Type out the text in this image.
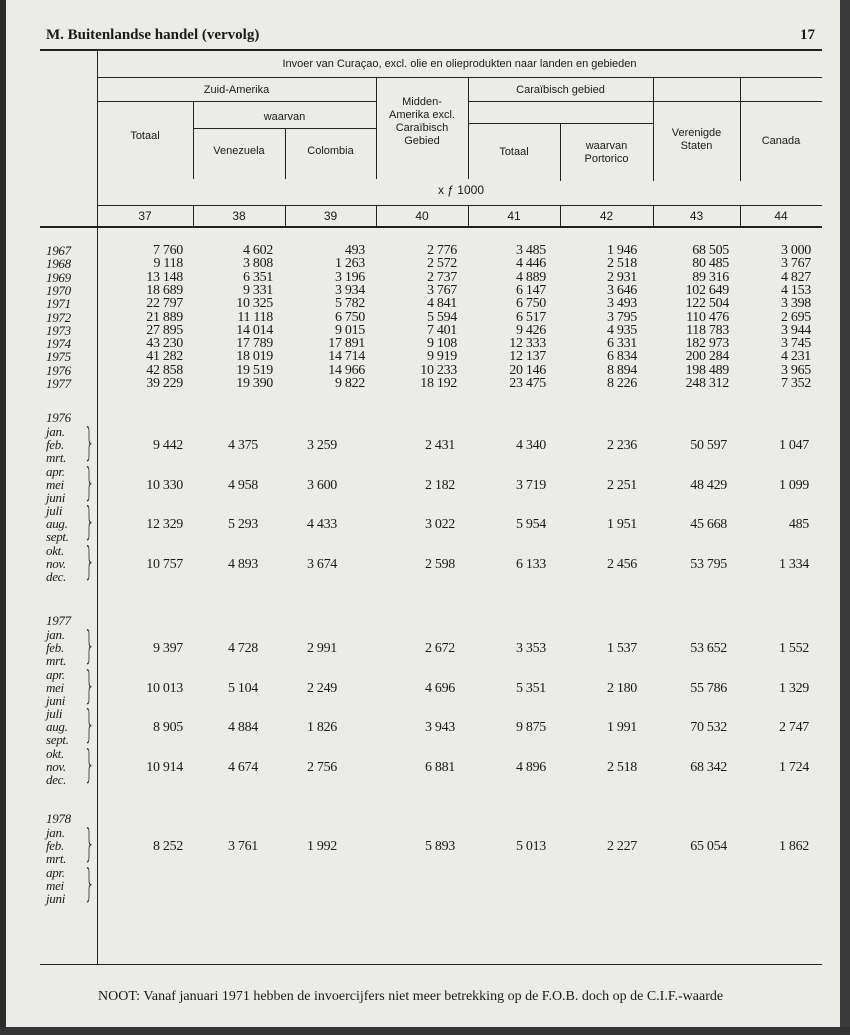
M. Buitenlandse handel (vervolg)	17
Invoer van Curaçao, excl. olie en olieprodukten naar landen en gebieden
Zuid-Amerika
waarvan
Caraïbisch gebied
Totaal
Venezuela	Colombia
Midden-
Amerika excl.
Caraïbisch
Gebied
Totaal	waarvan
Portorico
Verenigde
Staten	Canada
x ƒ 1000
NOOT: Vanaf januari 1971 hebben de invoercijfers niet meer betrekking op de F.O.B. doch op de C.I.F.-waarde
37	38	39	40	41	42	43	44
1967	7 760	4 602	493	2 776	3 485	1 946	68 505	3 000
1968	9 118	3 808	1 263	2 572	4 446	2 518	80 485	3 767
1969	13 148	6 351	3 196	2 737	4 889	2 931	89 316	4 827
1970	18 689	9 331	3 934	3 767	6 147	3 646	102 649	4 153
1971	22 797	10 325	5 782	4 841	6 750	3 493	122 504	3 398
1972	21 889	11 118	6 750	5 594	6 517	3 795	110 476	2 695
1973	27 895	14 014	9 015	7 401	9 426	4 935	118 783	3 944
1974	43 230	17 789	17 891	9 108	12 333	6 331	182 973	3 745
1975	41 282	18 019	14 714	9 919	12 137	6 834	200 284	4 231
1976	42 858	19 519	14 966	10 233	20 146	8 894	198 489	3 965
1977	39 229	19 390	9 822	18 192	23 475	8 226	248 312	7 352
1976
jan.
feb.
mrt. }	9 442	4 375	3 259	2 431	4 340	2 236	50 597	1 047
apr.
mei
juni }	10 330	4 958	3 600	2 182	3 719	2 251	48 429	1 099
juli
aug.
sept. }	12 329	5 293	4 433	3 022	5 954	1 951	45 668	485
okt.
nov.
dec. }	10 757	4 893	3 674	2 598	6 133	2 456	53 795	1 334
1977
jan.
feb.
mrt. }	9 397	4 728	2 991	2 672	3 353	1 537	53 652	1 552
apr.
mei
juni }	10 013	5 104	2 249	4 696	5 351	2 180	55 786	1 329
juli
aug.
sept. }	8 905	4 884	1 826	3 943	9 875	1 991	70 532	2 747
okt.
nov.
dec. }	10 914	4 674	2 756	6 881	4 896	2 518	68 342	1 724
1978
jan.
feb.
mrt. }	8 252	3 761	1 992	5 893	5 013	2 227	65 054	1 862
apr.
mei
juni }
